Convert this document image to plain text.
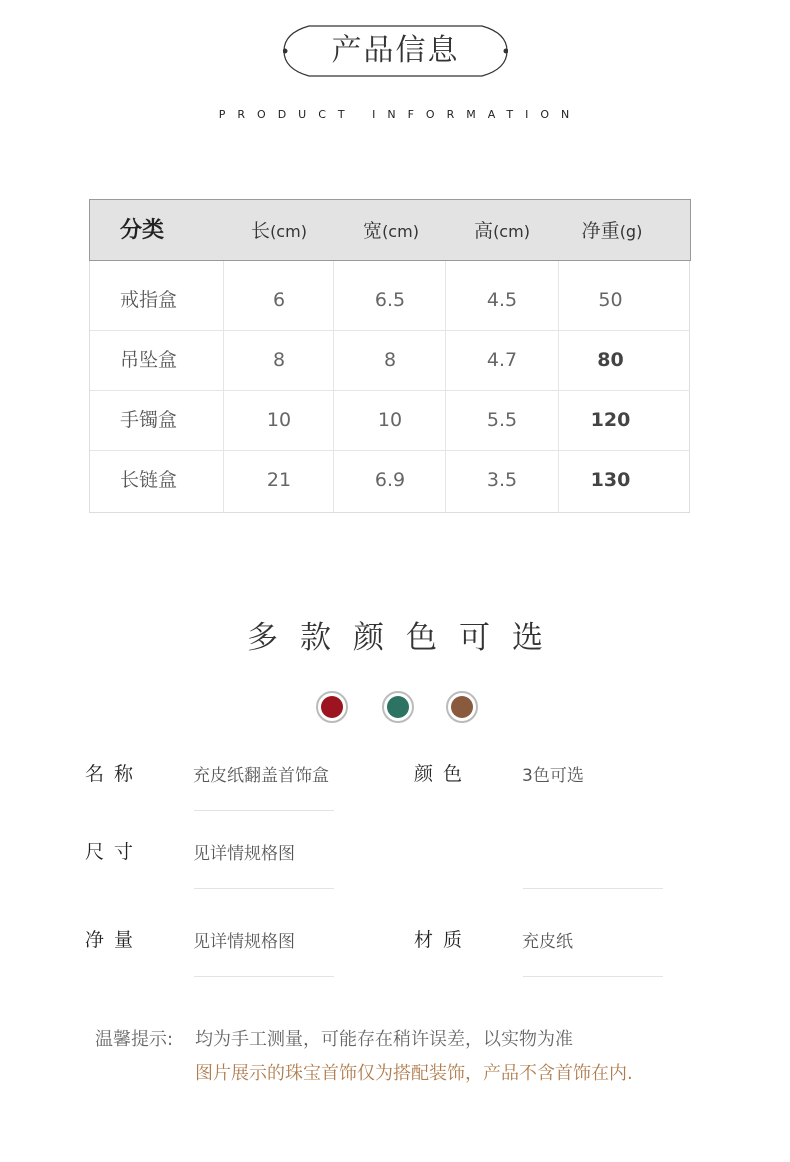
产品信息
PRODUCT INFORMATION
分类	长(cm)	宽(cm)	高(cm)	净重(g)
戒指盒	6	6.5	4.5	50
吊坠盒	8	8	4.7	80
手镯盒	10	10	5.5	120
长链盒	21	6.9	3.5	130
多款颜色可选
名称	充皮纸翻盖首饰盒	颜色	3色可选
尺寸	见详情规格图
净量	见详情规格图	材质	充皮纸
温馨提示: 均为手工测量，可能存在稍许误差，以实物为准
图片展示的珠宝首饰仅为搭配装饰，产品不含首饰在内.
